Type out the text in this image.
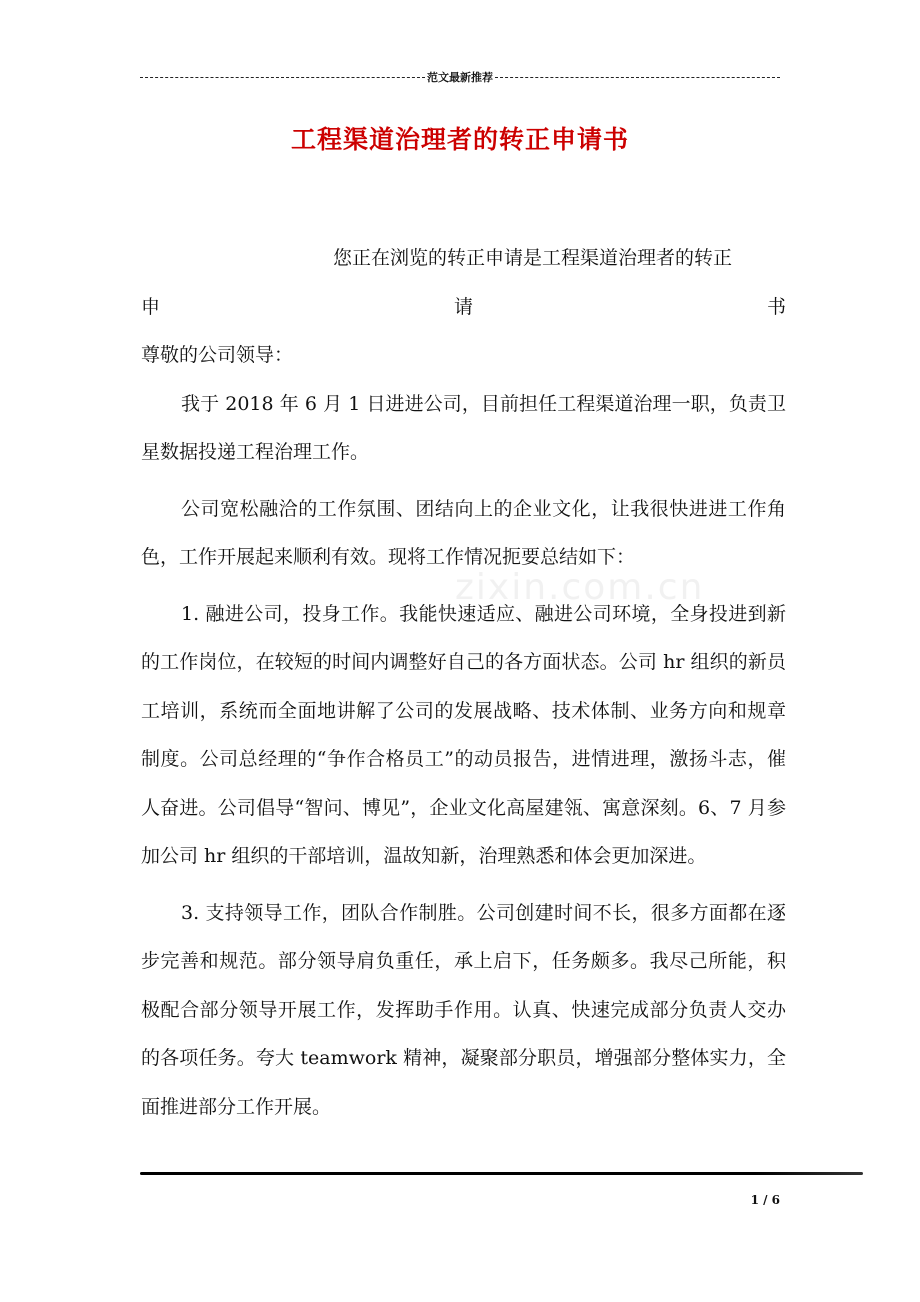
范文最新推荐
工程渠道治理者的转正申请书
zixin.com.cn

您正在浏览的转正申请是工程渠道治理者的转正

申	请	书

尊敬的公司领导：

我于 2018 年 6 月 1 日进进公司，目前担任工程渠道治理一职，负责卫星数据投递工程治理工作。

公司宽松融洽的工作氛围、团结向上的企业文化，让我很快进进工作角色，工作开展起来顺利有效。现将工作情况扼要总结如下：

1. 融进公司，投身工作。我能快速适应、融进公司环境，全身投进到新的工作岗位，在较短的时间内调整好自己的各方面状态。公司 hr 组织的新员工培训，系统而全面地讲解了公司的发展战略、技术体制、业务方向和规章制度。公司总经理的“争作合格员工”的动员报告，进情进理，激扬斗志，催人奋进。公司倡导“智问、博见”，企业文化高屋建瓴、寓意深刻。6、7 月参加公司 hr 组织的干部培训，温故知新，治理熟悉和体会更加深进。

3. 支持领导工作，团队合作制胜。公司创建时间不长，很多方面都在逐步完善和规范。部分领导肩负重任，承上启下，任务颇多。我尽己所能，积极配合部分领导开展工作，发挥助手作用。认真、快速完成部分负责人交办的各项任务。夸大 teamwork 精神，凝聚部分职员，增强部分整体实力，全面推进部分工作开展。

1 / 6
